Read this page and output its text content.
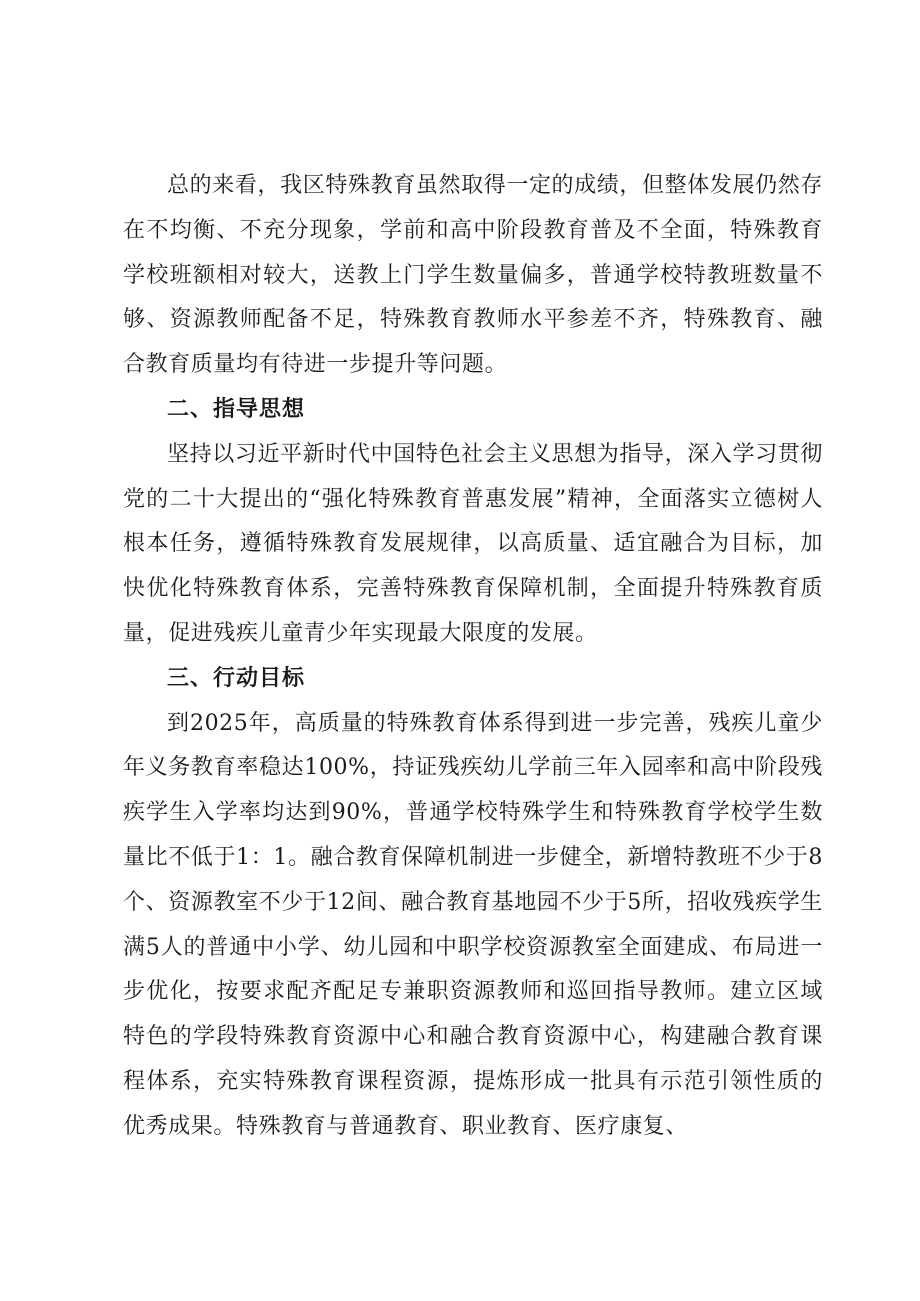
总的来看，我区特殊教育虽然取得一定的成绩，但整体发展仍然存在不均衡、不充分现象，学前和高中阶段教育普及不全面，特殊教育学校班额相对较大，送教上门学生数量偏多，普通学校特教班数量不够、资源教师配备不足，特殊教育教师水平参差不齐，特殊教育、融合教育质量均有待进一步提升等问题。

二、指导思想

坚持以习近平新时代中国特色社会主义思想为指导，深入学习贯彻党的二十大提出的“强化特殊教育普惠发展”精神，全面落实立德树人根本任务，遵循特殊教育发展规律，以高质量、适宜融合为目标，加快优化特殊教育体系，完善特殊教育保障机制，全面提升特殊教育质量，促进残疾儿童青少年实现最大限度的发展。

三、行动目标

到2025年，高质量的特殊教育体系得到进一步完善，残疾儿童少年义务教育率稳达100%，持证残疾幼儿学前三年入园率和高中阶段残疾学生入学率均达到90%，普通学校特殊学生和特殊教育学校学生数量比不低于1：1。融合教育保障机制进一步健全，新增特教班不少于8个、资源教室不少于12间、融合教育基地园不少于5所，招收残疾学生满5人的普通中小学、幼儿园和中职学校资源教室全面建成、布局进一步优化，按要求配齐配足专兼职资源教师和巡回指导教师。建立区域特色的学段特殊教育资源中心和融合教育资源中心，构建融合教育课程体系，充实特殊教育课程资源，提炼形成一批具有示范引领性质的优秀成果。特殊教育与普通教育、职业教育、医疗康复、
